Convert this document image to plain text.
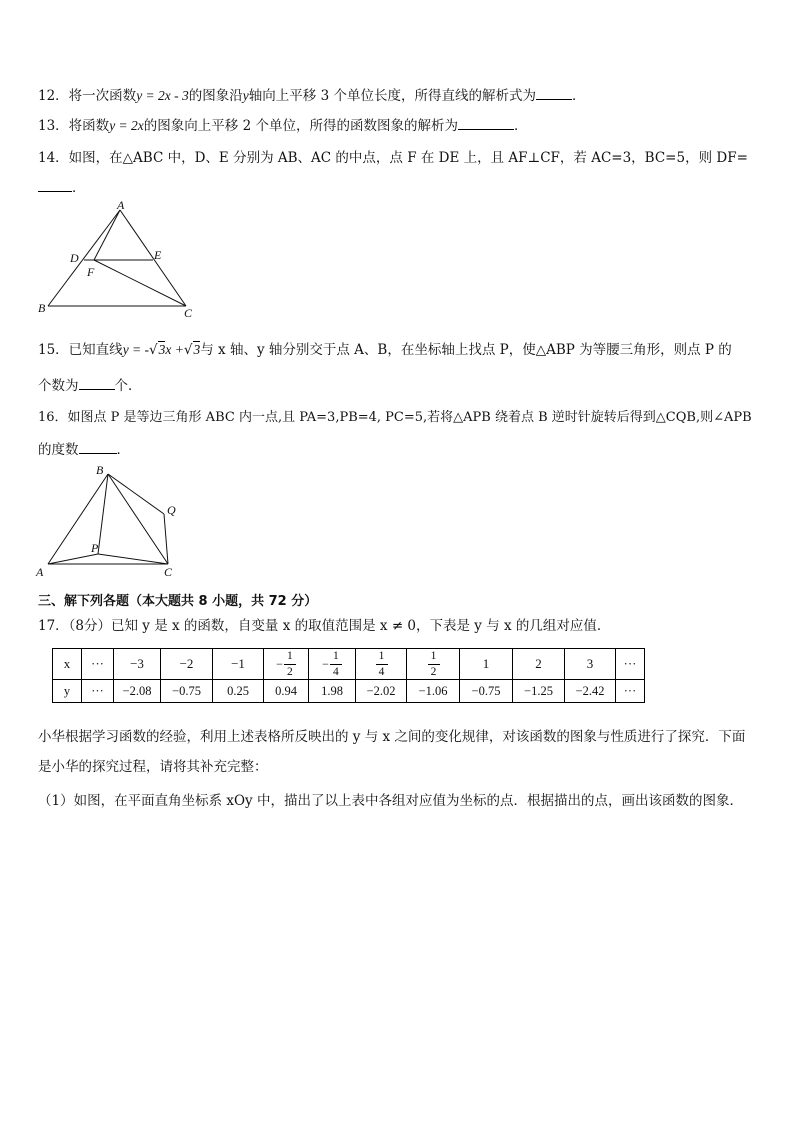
12．将一次函数y = 2x - 3的图象沿y轴向上平移 3 个单位长度，所得直线的解析式为	．
13．将函数y = 2x的图象向上平移 2 个单位，所得的函数图象的解析为	．
14．如图，在△ABC 中，D、E 分别为 AB、AC 的中点，点 F 在 DE 上，且 AF⊥CF，若 AC=3，BC=5，则 DF=
．
A
B	C
D	E
F
15．已知直线y = -√3x +√3与 x 轴、y 轴分别交于点 A、B，在坐标轴上找点 P，使△ABP 为等腰三角形，则点 P 的
个数为	个．
16．如图点 P 是等边三角形 ABC 内一点,且 PA=3,PB=4, PC=5,若将△APB 绕着点 B 逆时针旋转后得到△CQB,则∠APB
的度数	．
B
A	C
P
Q
三、解下列各题（本大题共 8 小题，共 72 分）
17．（8分）已知 y 是 x 的函数，自变量 x 的取值范围是 x ≠ 0，下表是 y 与 x 的几组对应值．
x	···	−3	−2	−1	− $\frac{1}{2}$	− $\frac{1}{4}$	$\frac{1}{4}$	$\frac{1}{2}$	1	2	3	···
y	···	−2.08	−0.75	0.25	0.94	1.98	−2.02	−1.06	−0.75	−1.25	−2.42	···
小华根据学习函数的经验，利用上述表格所反映出的 y 与 x 之间的变化规律，对该函数的图象与性质进行了探究．下面是小华的探究过程，请将其补充完整：
（1）如图，在平面直角坐标系 xOy 中，描出了以上表中各组对应值为坐标的点．根据描出的点，画出该函数的图象．
